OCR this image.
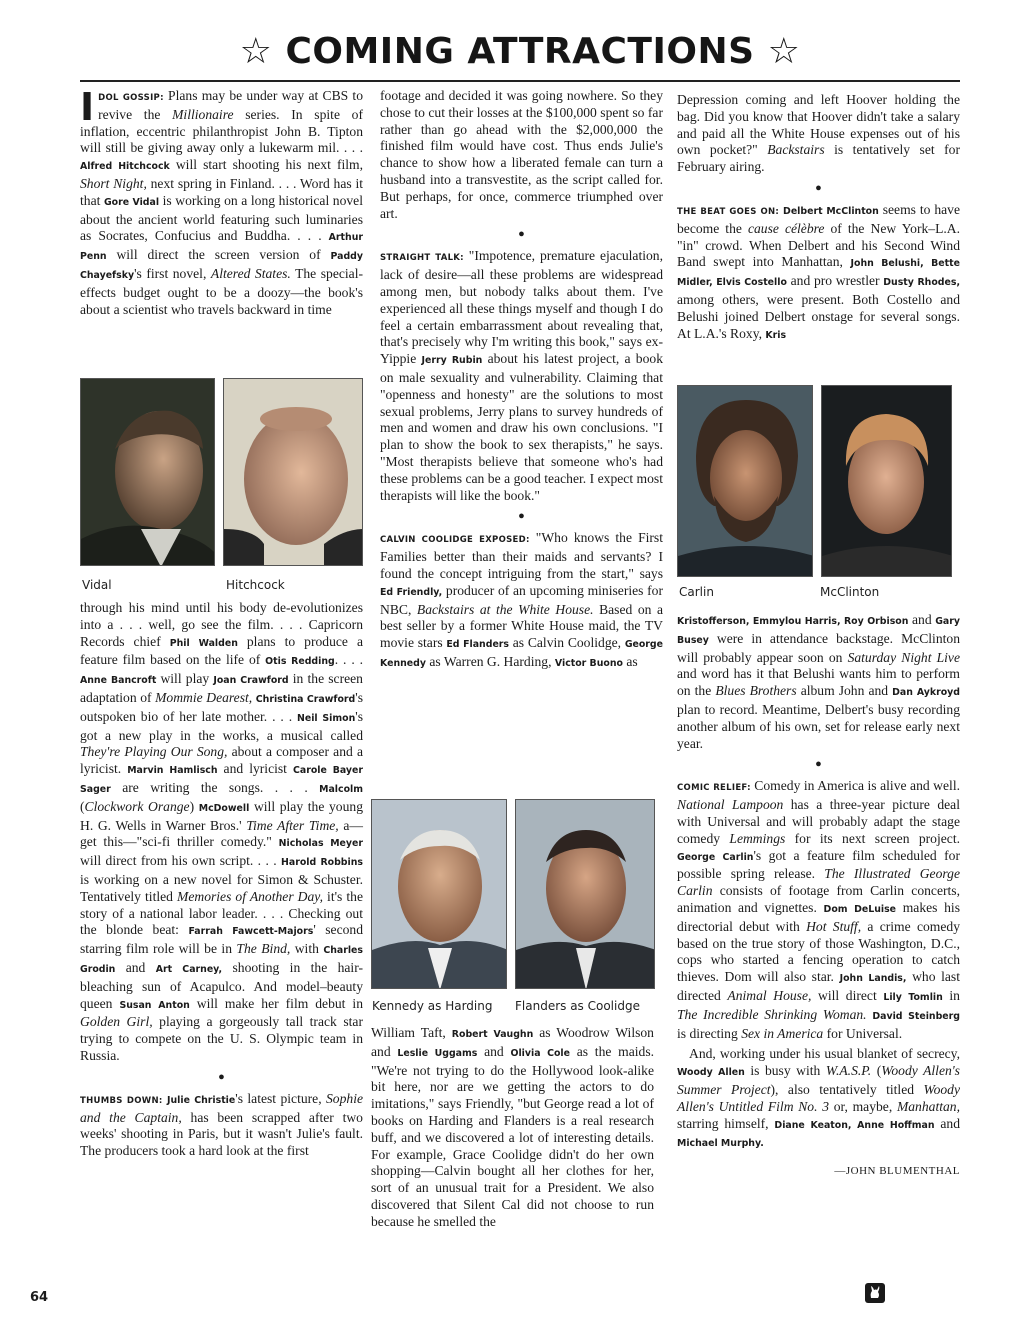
☆ COMING ATTRACTIONS ☆

IDOL GOSSIP: Plans may be under way at CBS to revive the Millionaire series. In spite of inflation, eccentric philanthropist John B. Tipton will still be giving away only a lukewarm mil. . . . Alfred Hitchcock will start shooting his next film, Short Night, next spring in Finland. . . . Word has it that Gore Vidal is working on a long historical novel about the ancient world featuring such luminaries as Socrates, Confucius and Buddha. . . . Arthur Penn will direct the screen version of Paddy Chayefsky's first novel, Altered States. The special-effects budget ought to be a doozy—the book's about a scientist who travels backward in time

Vidal	Hitchcock

through his mind until his body de-evolutionizes into a . . . well, go see the film. . . . Capricorn Records chief Phil Walden plans to produce a feature film based on the life of Otis Redding. . . . Anne Bancroft will play Joan Crawford in the screen adaptation of Mommie Dearest, Christina Crawford's outspoken bio of her late mother. . . . Neil Simon's got a new play in the works, a musical called They're Playing Our Song, about a composer and a lyricist. Marvin Hamlisch and lyricist Carole Bayer Sager are writing the songs. . . . Malcolm (Clockwork Orange) McDowell will play the young H. G. Wells in Warner Bros.' Time After Time, a—get this—"sci-fi thriller comedy." Nicholas Meyer will direct from his own script. . . . Harold Robbins is working on a new novel for Simon & Schuster. Tentatively titled Memories of Another Day, it's the story of a national labor leader. . . . Checking out the blonde beat: Farrah Fawcett-Majors' second starring film role will be in The Bind, with Charles Grodin and Art Carney, shooting in the hair-bleaching sun of Acapulco. And model–beauty queen Susan Anton will make her film debut in Golden Girl, playing a gorgeously tall track star trying to compete on the U. S. Olympic team in Russia.

●

THUMBS DOWN: Julie Christie's latest picture, Sophie and the Captain, has been scrapped after two weeks' shooting in Paris, but it wasn't Julie's fault. The producers took a hard look at the first

footage and decided it was going nowhere. So they chose to cut their losses at the $100,000 spent so far rather than go ahead with the $2,000,000 the finished film would have cost. Thus ends Julie's chance to show how a liberated female can turn a husband into a transvestite, as the script called for. But perhaps, for once, commerce triumphed over art.

●

STRAIGHT TALK: "Impotence, premature ejaculation, lack of desire—all these problems are widespread among men, but nobody talks about them. I've experienced all these things myself and though I do feel a certain embarrassment about revealing that, that's precisely why I'm writing this book," says ex-Yippie Jerry Rubin about his latest project, a book on male sexuality and vulnerability. Claiming that "openness and honesty" are the solutions to most sexual problems, Jerry plans to survey hundreds of men and women and draw his own conclusions. "I plan to show the book to sex therapists," he says. "Most therapists believe that someone who's had these problems can be a good teacher. I expect most therapists will like the book."

●

CALVIN COOLIDGE EXPOSED: "Who knows the First Families better than their maids and servants? I found the concept intriguing from the start," says Ed Friendly, producer of an upcoming miniseries for NBC, Backstairs at the White House. Based on a best seller by a former White House maid, the TV movie stars Ed Flanders as Calvin Coolidge, George Kennedy as Warren G. Harding, Victor Buono as

Kennedy as Harding Flanders as Coolidge

William Taft, Robert Vaughn as Woodrow Wilson and Leslie Uggams and Olivia Cole as the maids. "We're not trying to do the Hollywood look-alike bit here, nor are we getting the actors to do imitations," says Friendly, "but George read a lot of books on Harding and Flanders is a real research buff, and we discovered a lot of interesting details. For example, Grace Coolidge didn't do her own shopping—Calvin bought all her clothes for her, sort of an unusual trait for a President. We also discovered that Silent Cal did not choose to run because he smelled the

Depression coming and left Hoover holding the bag. Did you know that Hoover didn't take a salary and paid all the White House expenses out of his own pocket?" Backstairs is tentatively set for February airing.

●

THE BEAT GOES ON: Delbert McClinton seems to have become the cause célèbre of the New York–L.A. "in" crowd. When Delbert and his Second Wind Band swept into Manhattan, John Belushi, Bette Midler, Elvis Costello and pro wrestler Dusty Rhodes, among others, were present. Both Costello and Belushi joined Delbert onstage for several songs. At L.A.'s Roxy, Kris

Carlin	McClinton

Kristofferson, Emmylou Harris, Roy Orbison and Gary Busey were in attendance backstage. McClinton will probably appear soon on Saturday Night Live and word has it that Belushi wants him to perform on the Blues Brothers album John and Dan Aykroyd plan to record. Meantime, Delbert's busy recording another album of his own, set for release early next year.

●

COMIC RELIEF: Comedy in America is alive and well. National Lampoon has a three-year picture deal with Universal and will probably adapt the stage comedy Lemmings for its next screen project. George Carlin's got a feature film scheduled for possible spring release. The Illustrated George Carlin consists of footage from Carlin concerts, animation and vignettes. Dom DeLuise makes his directorial debut with Hot Stuff, a crime comedy based on the true story of those Washington, D.C., cops who started a fencing operation to catch thieves. Dom will also star. John Landis, who last directed Animal House, will direct Lily Tomlin in The Incredible Shrinking Woman. David Steinberg is directing Sex in America for Universal.

And, working under his usual blanket of secrecy, Woody Allen is busy with W.A.S.P. (Woody Allen's Summer Project), also tentatively titled Woody Allen's Untitled Film No. 3 or, maybe, Manhattan, starring himself, Diane Keaton, Anne Hoffman and Michael Murphy.

—JOHN BLUMENTHAL
64
